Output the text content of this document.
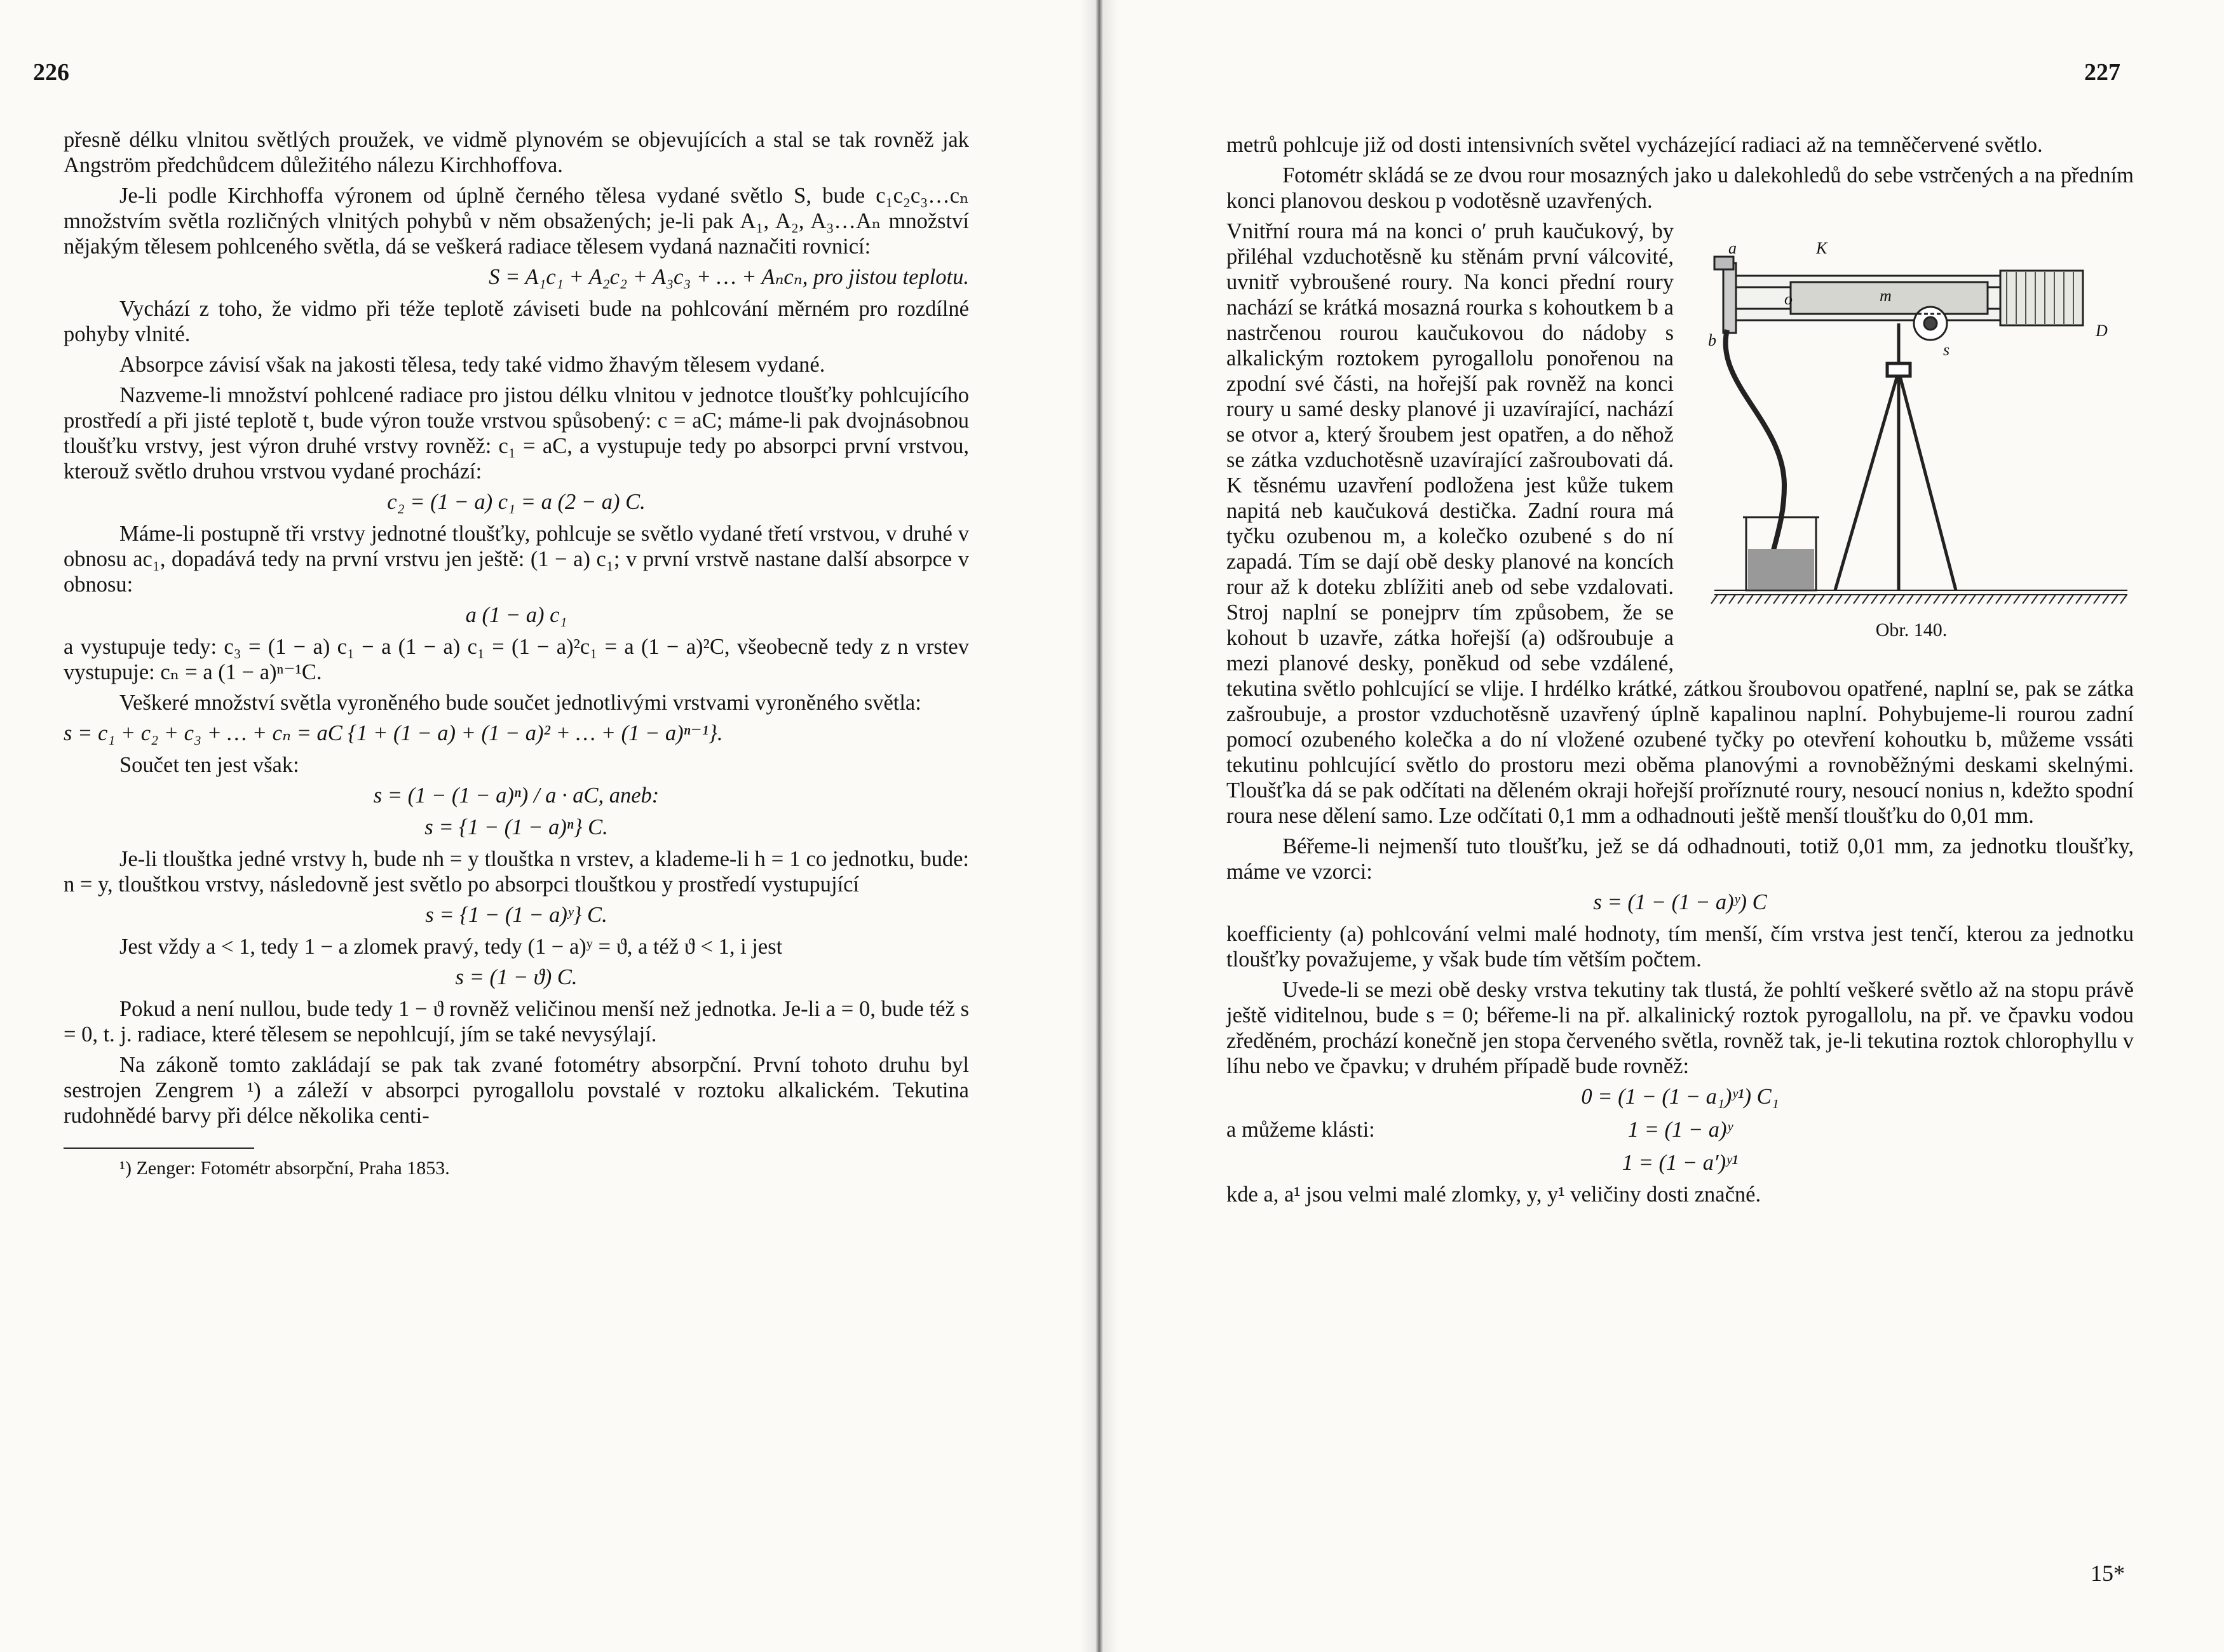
226

přesně délku vlnitou světlých proužek, ve vidmě plynovém se objevujících a stal se tak rovněž jak Angström předchůdcem důležitého nálezu Kirchhoffova.

Je-li podle Kirchhoffa výronem od úplně černého tělesa vydané světlo S, bude c₁c₂c₃…cₙ množstvím světla rozličných vlnitých pohybů v něm obsažených; je-li pak A₁, A₂, A₃…Aₙ množství nějakým tělesem pohlceného světla, dá se veškerá radiace tělesem vydaná naznačiti rovnicí:

S = A₁c₁ + A₂c₂ + A₃c₃ + … + Aₙcₙ, pro jistou teplotu.

Vychází z toho, že vidmo při téže teplotě záviseti bude na pohlcování měrném pro rozdílné pohyby vlnité.

Absorpce závisí však na jakosti tělesa, tedy také vidmo žhavým tělesem vydané.

Nazveme-li množství pohlcené radiace pro jistou délku vlnitou v jednotce tloušťky pohlcujícího prostředí a při jisté teplotě t, bude výron touže vrstvou spůsobený: c = aC; máme-li pak dvojnásobnou tloušťku vrstvy, jest výron druhé vrstvy rovněž: c₁ = aC, a vystupuje tedy po absorpci první vrstvou, kterouž světlo druhou vrstvou vydané prochází:

c₂ = (1 − a) c₁ = a (2 − a) C.

Máme-li postupně tři vrstvy jednotné tloušťky, pohlcuje se světlo vydané třetí vrstvou, v druhé v obnosu ac₁, dopadává tedy na první vrstvu jen ještě: (1 − a) c₁; v první vrstvě nastane další absorpce v obnosu:

a (1 − a) c₁

a vystupuje tedy: c₃ = (1 − a) c₁ − a (1 − a) c₁ = (1 − a)²c₁ = a (1 − a)²C, všeobecně tedy z n vrstev vystupuje: cₙ = a (1 − a)ⁿ⁻¹C.

Veškeré množství světla vyroněného bude součet jednotlivými vrstvami vyroněného světla:

s = c₁ + c₂ + c₃ + … + cₙ = aC {1 + (1 − a) + (1 − a)² + … + (1 − a)ⁿ⁻¹}.

Součet ten jest však:

s = (1 − (1 − a)ⁿ) / a · aC, aneb:
s = {1 − (1 − a)ⁿ} C.

Je-li tlouštka jedné vrstvy h, bude nh = y tlouštka n vrstev, a klademe-li h = 1 co jednotku, bude: n = y, tlouštkou vrstvy, následovně jest světlo po absorpci tlouštkou y prostředí vystupující

s = {1 − (1 − a)ʸ} C.

Jest vždy a < 1, tedy 1 − a zlomek pravý, tedy (1 − a)ʸ = ϑ, a též ϑ < 1, i jest

s = (1 − ϑ) C.

Pokud a není nullou, bude tedy 1 − ϑ rovněž veličinou menší než jednotka. Je-li a = 0, bude též s = 0, t. j. radiace, které tělesem se nepohlcují, jím se také nevysýlají.

Na zákoně tomto zakládají se pak tak zvané fotométry absorpční. První tohoto druhu byl sestrojen Zengrem ¹) a záleží v absorpci pyrogallolu povstalé v roztoku alkalickém. Tekutina rudohnědé barvy při délce několika centi-

¹) Zenger: Fotométr absorpční, Praha 1853.

227

metrů pohlcuje již od dosti intensivních světel vycházející radiaci až na temněčervené světlo.

Fotométr skládá se ze dvou rour mosazných jako u dalekohledů do sebe vstrčených a na předním konci planovou deskou p vodotěsně uzavřených.

a	K
o	m
b
s
D
Obr. 140.

Vnitřní roura má na konci o′ pruh kaučukový, by přiléhal vzduchotěsně ku stěnám první válcovité, uvnitř vybroušené roury. Na konci přední roury nachází se krátká mosazná rourka s kohoutkem b a nastrčenou rourou kaučukovou do nádoby s alkalickým roztokem pyrogallolu ponořenou na zpodní své části, na hořejší pak rovněž na konci roury u samé desky planové ji uzavírající, nachází se otvor a, který šroubem jest opatřen, a do něhož se zátka vzduchotěsně uzavírající zašroubovati dá. K těsnému uzavření podložena jest kůže tukem napitá neb kaučuková destička. Zadní roura má tyčku ozubenou m, a kolečko ozubené s do ní zapadá. Tím se dají obě desky planové na koncích rour až k doteku zblížiti aneb od sebe vzdalovati. Stroj naplní se ponejprv tím způsobem, že se kohout b uzavře, zátka hořejší (a) odšroubuje a mezi planové desky, poněkud od sebe vzdálené, tekutina světlo pohlcující se vlije. I hrdélko krátké, zátkou šroubovou opatřené, naplní se, pak se zátka zašroubuje, a prostor vzduchotěsně uzavřený úplně kapalinou naplní. Pohybujeme-li rourou zadní pomocí ozubeného kolečka a do ní vložené ozubené tyčky po otevření kohoutku b, můžeme vssáti tekutinu pohlcující světlo do prostoru mezi oběma planovými a rovnoběžnými deskami skelnými. Tloušťka dá se pak odčítati na děleném okraji hořejší proříznuté roury, nesoucí nonius n, kdežto spodní roura nese dělení samo. Lze odčítati 0,1 mm a odhadnouti ještě menší tloušťku do 0,01 mm.

Béřeme-li nejmenší tuto tloušťku, jež se dá odhadnouti, totiž 0,01 mm, za jednotku tloušťky, máme ve vzorci:

s = (1 − (1 − a)ʸ) C

koefficienty (a) pohlcování velmi malé hodnoty, tím menší, čím vrstva jest tenčí, kterou za jednotku tloušťky považujeme, y však bude tím větším počtem.

Uvede-li se mezi obě desky vrstva tekutiny tak tlustá, že pohltí veškeré světlo až na stopu právě ještě viditelnou, bude s = 0; béřeme-li na př. alkalinický roztok pyrogallolu, na př. ve čpavku vodou zředěném, prochází konečně jen stopa červeného světla, rovněž tak, je-li tekutina roztok chlorophyllu v líhu nebo ve čpavku; v druhém případě bude rovněž:

0 = (1 − (1 − a₁)ʸ¹) C₁
a můžeme klásti:	1 = (1 − a)ʸ
1 = (1 − a′)ʸ¹

kde a, a¹ jsou velmi malé zlomky, y, y¹ veličiny dosti značné.

15*
